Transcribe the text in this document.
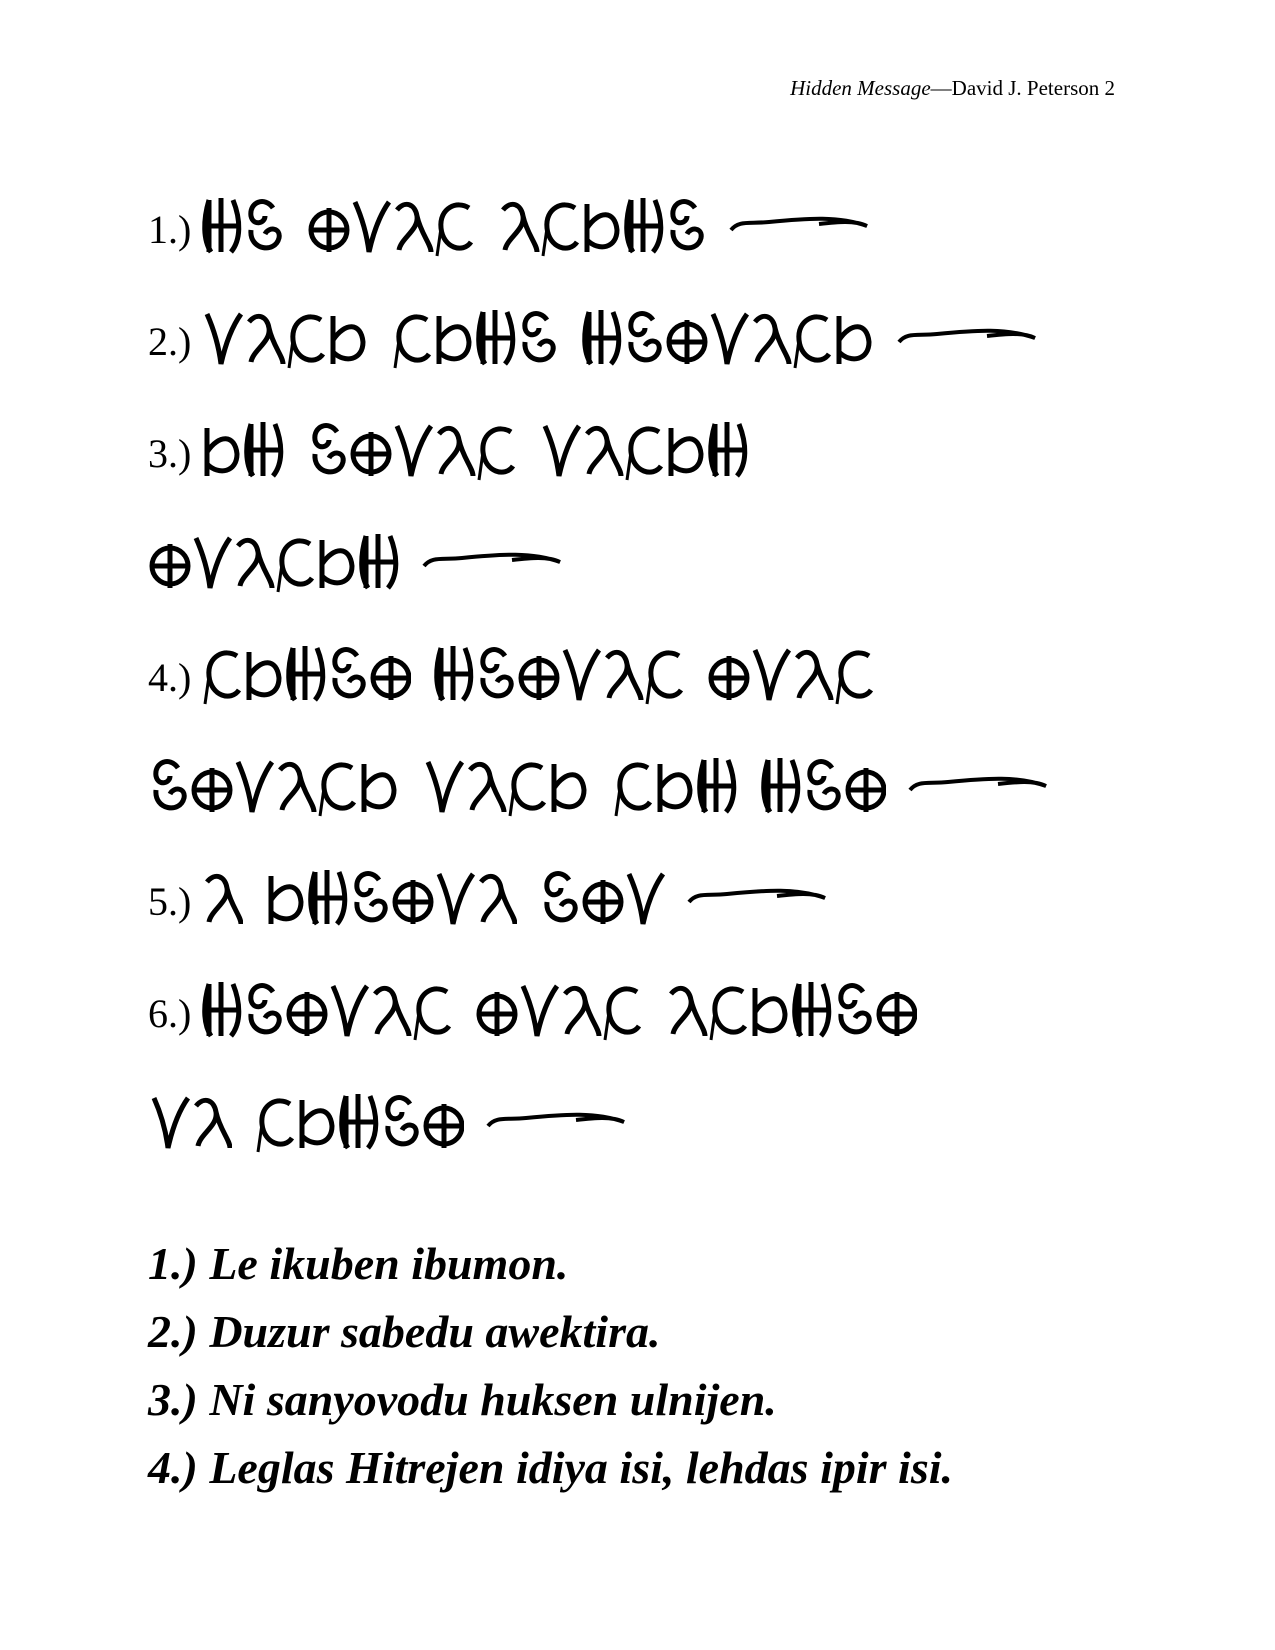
Hidden Message—David J. Peterson 2
1.)
2.)
3.)
4.)
5.)
6.)
1.) Le ikuben ibumon.
2.) Duzur sabedu awektira.
3.) Ni sanyovodu huksen ulnijen.
4.) Leglas Hitrejen idiya isi, lehdas ipir isi.
